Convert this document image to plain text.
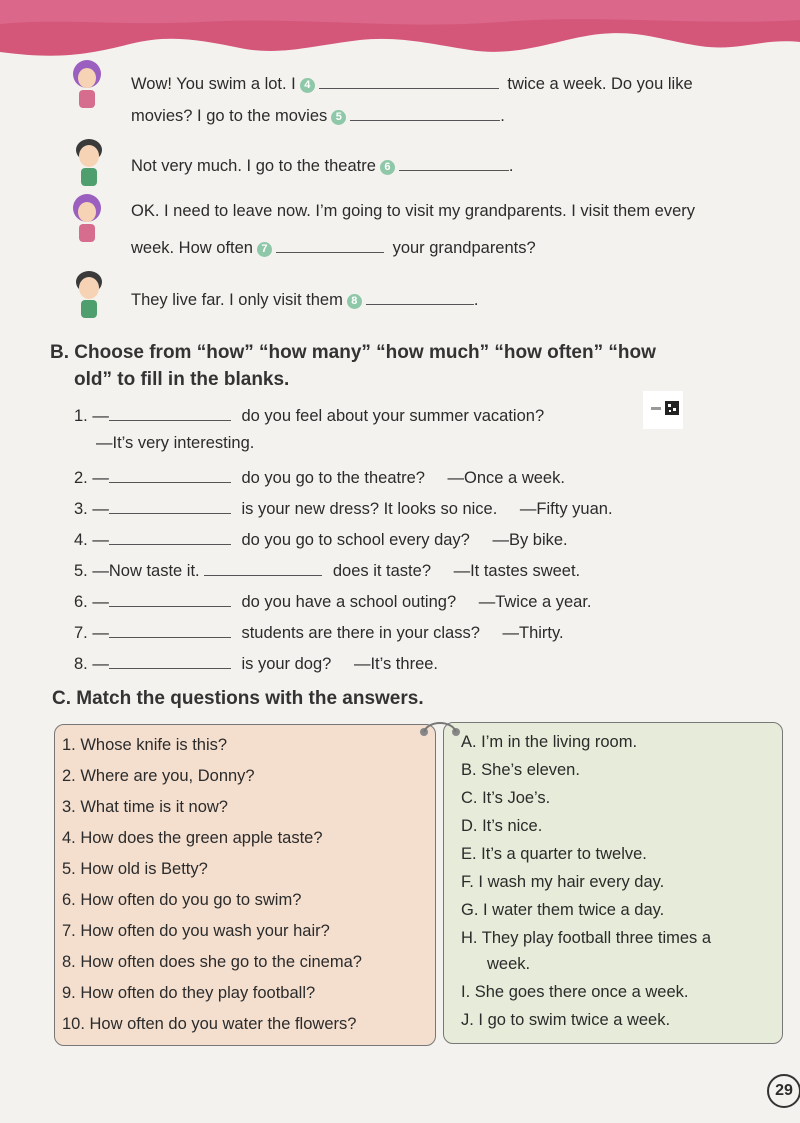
Wow! You swim a lot. I 4	twice a week. Do you like
movies? I go to the movies 5	.
Not very much. I go to the theatre 6	.
OK. I need to leave now. I’m going to visit my grandparents. I visit them every
week. How often 7	your grandparents?
They live far. I only visit them 8	.
B. Choose from “how” “how many” “how much” “how often” “how
old” to fill in the blanks.
1. —	do you feel about your summer vacation?
—It’s very interesting.
2. —	do you go to the theatre? —Once a week.
3. —	is your new dress? It looks so nice. —Fifty yuan.
4. —	do you go to school every day? —By bike.
5. —Now taste it.	does it taste? —It tastes sweet.
6. —	do you have a school outing? —Twice a year.
7. —	students are there in your class? —Thirty.
8. —	is your dog? —It’s three.
C. Match the questions with the answers.
1. Whose knife is this?
2. Where are you, Donny?
3. What time is it now?
4. How does the green apple taste?
5. How old is Betty?
6. How often do you go to swim?
7. How often do you wash your hair?
8. How often does she go to the cinema?
9. How often do they play football?
10. How often do you water the flowers?
A. I’m in the living room.
B. She’s eleven.
C. It’s Joe’s.
D. It’s nice.
E. It’s a quarter to twelve.
F. I wash my hair every day.
G. I water them twice a day.
H. They play football three times a
week.
I. She goes there once a week.
J. I go to swim twice a week.
29
